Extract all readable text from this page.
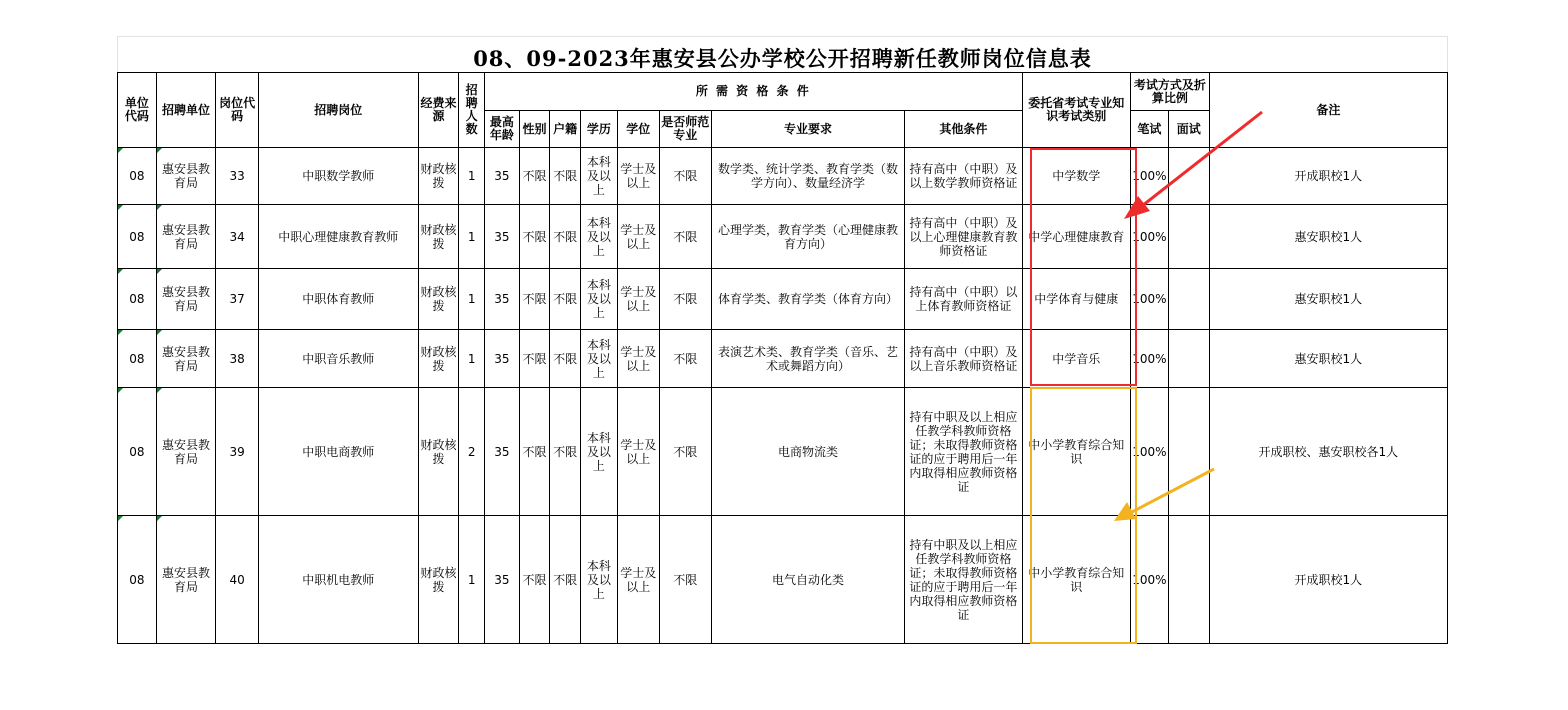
08、09-2023年惠安县公办学校公开招聘新任教师岗位信息表
单位代码	招聘单位	岗位代码	招聘岗位	经费来源	招聘人数	所 需 资 格 条 件								委托省考试专业知识考试类别	考试方式及折算比例		备注
						最高年龄	性别	户籍	学历	学位	是否师范专业	专业要求	其他条件		笔试	面试	

08	惠安县教育局	33	中职数学教师	财政核拨	1	35	不限	不限	本科及以上	学士及以上	不限	数学类、统计学类、教育学类（数学方向）、数量经济学	持有高中（中职）及以上数学教师资格证	中学数学	100%		开成职校1人

08	惠安县教育局	34	中职心理健康教育教师	财政核拨	1	35	不限	不限	本科及以上	学士及以上	不限	心理学类，教育学类（心理健康教育方向）	持有高中（中职）及以上心理健康教育教师资格证	中学心理健康教育	100%		惠安职校1人

08	惠安县教育局	37	中职体育教师	财政核拨	1	35	不限	不限	本科及以上	学士及以上	不限	体育学类、教育学类（体育方向）	持有高中（中职）以上体育教师资格证	中学体育与健康	100%		惠安职校1人

08	惠安县教育局	38	中职音乐教师	财政核拨	1	35	不限	不限	本科及以上	学士及以上	不限	表演艺术类、教育学类（音乐、艺术或舞蹈方向）	持有高中（中职）及以上音乐教师资格证	中学音乐	100%		惠安职校1人

08	惠安县教育局	39	中职电商教师	财政核拨	2	35	不限	不限	本科及以上	学士及以上	不限	电商物流类	持有中职及以上相应任教学科教师资格证；未取得教师资格证的应于聘用后一年内取得相应教师资格证	中小学教育综合知识	100%		开成职校、惠安职校各1人

08	惠安县教育局	40	中职机电教师	财政核拨	1	35	不限	不限	本科及以上	学士及以上	不限	电气自动化类	持有中职及以上相应任教学科教师资格证；未取得教师资格证的应于聘用后一年内取得相应教师资格证	中小学教育综合知识	100%		开成职校1人
